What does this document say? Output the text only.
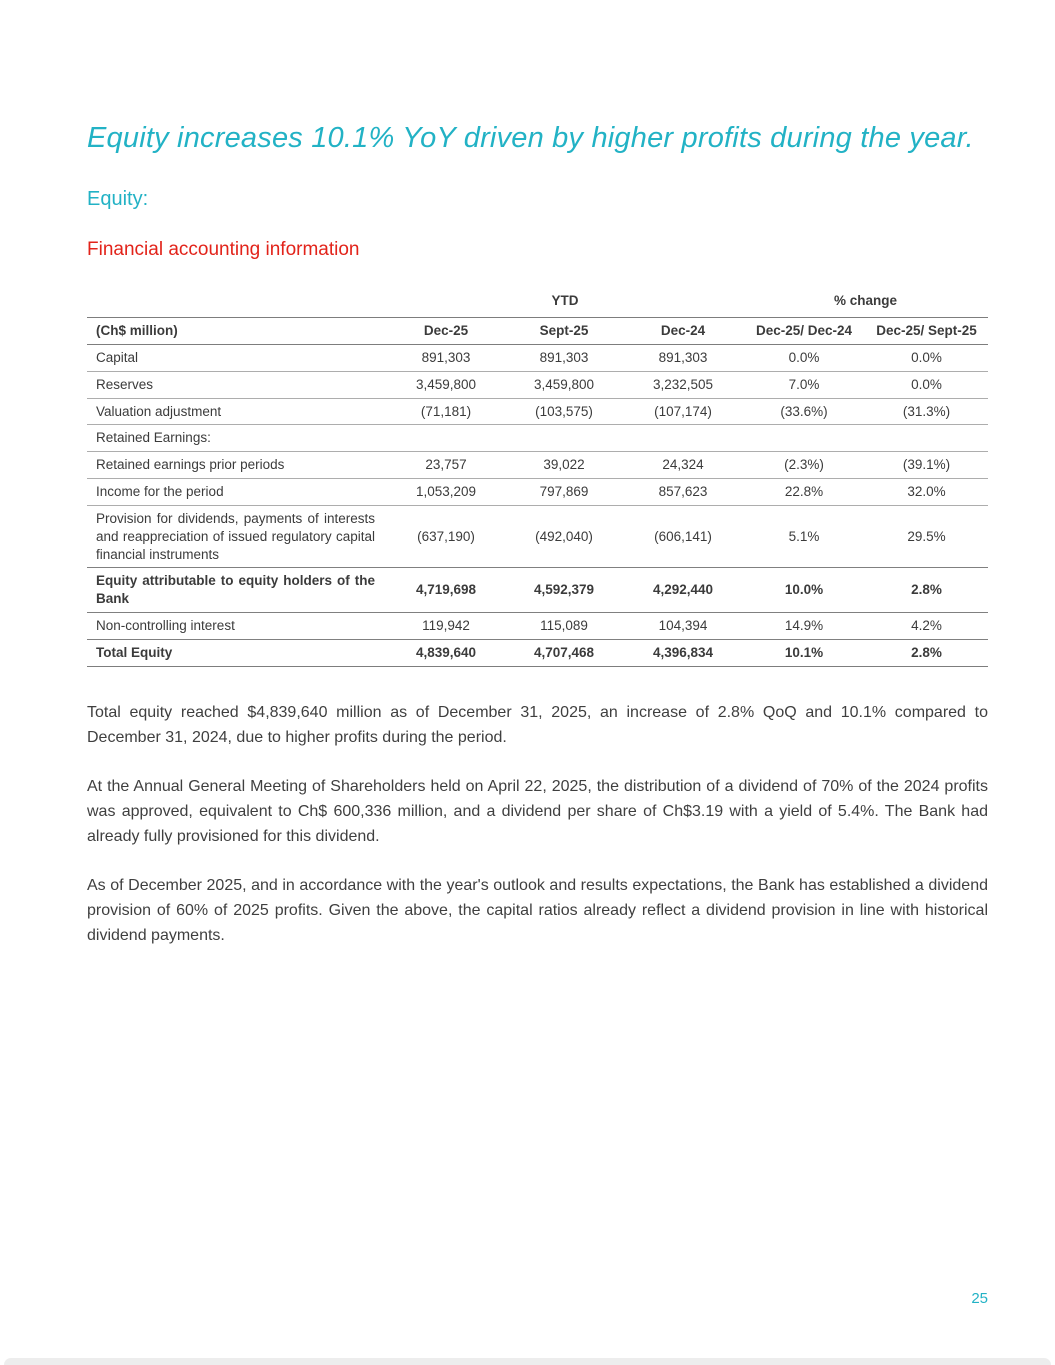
Equity increases 10.1% YoY driven by higher profits during the year.
Equity:
Financial accounting information
	YTD			% change	
(Ch$ million)	Dec-25	Sept-25	Dec-24	Dec-25/ Dec-24	Dec-25/ Sept-25
Capital	891,303	891,303	891,303	0.0%	0.0%
Reserves	3,459,800	3,459,800	3,232,505	7.0%	0.0%
Valuation adjustment	(71,181)	(103,575)	(107,174)	(33.6%)	(31.3%)
Retained Earnings:					
Retained earnings prior periods	23,757	39,022	24,324	(2.3%)	(39.1%)
Income for the period	1,053,209	797,869	857,623	22.8%	32.0%
Provision for dividends, payments of interests and reappreciation of issued regulatory capital financial instruments	(637,190)	(492,040)	(606,141)	5.1%	29.5%
Equity attributable to equity holders of the Bank	4,719,698	4,592,379	4,292,440	10.0%	2.8%
Non-controlling interest	119,942	115,089	104,394	14.9%	4.2%
Total Equity	4,839,640	4,707,468	4,396,834	10.1%	2.8%

Total equity reached $4,839,640 million as of December 31, 2025, an increase of 2.8% QoQ and 10.1% compared to December 31, 2024, due to higher profits during the period.

At the Annual General Meeting of Shareholders held on April 22, 2025, the distribution of a dividend of 70% of the 2024 profits was approved, equivalent to Ch$ 600,336 million, and a dividend per share of Ch$3.19 with a yield of 5.4%. The Bank had already fully provisioned for this dividend.

As of December 2025, and in accordance with the year's outlook and results expectations, the Bank has established a dividend provision of 60% of 2025 profits. Given the above, the capital ratios already reflect a dividend provision in line with historical dividend payments.

25
